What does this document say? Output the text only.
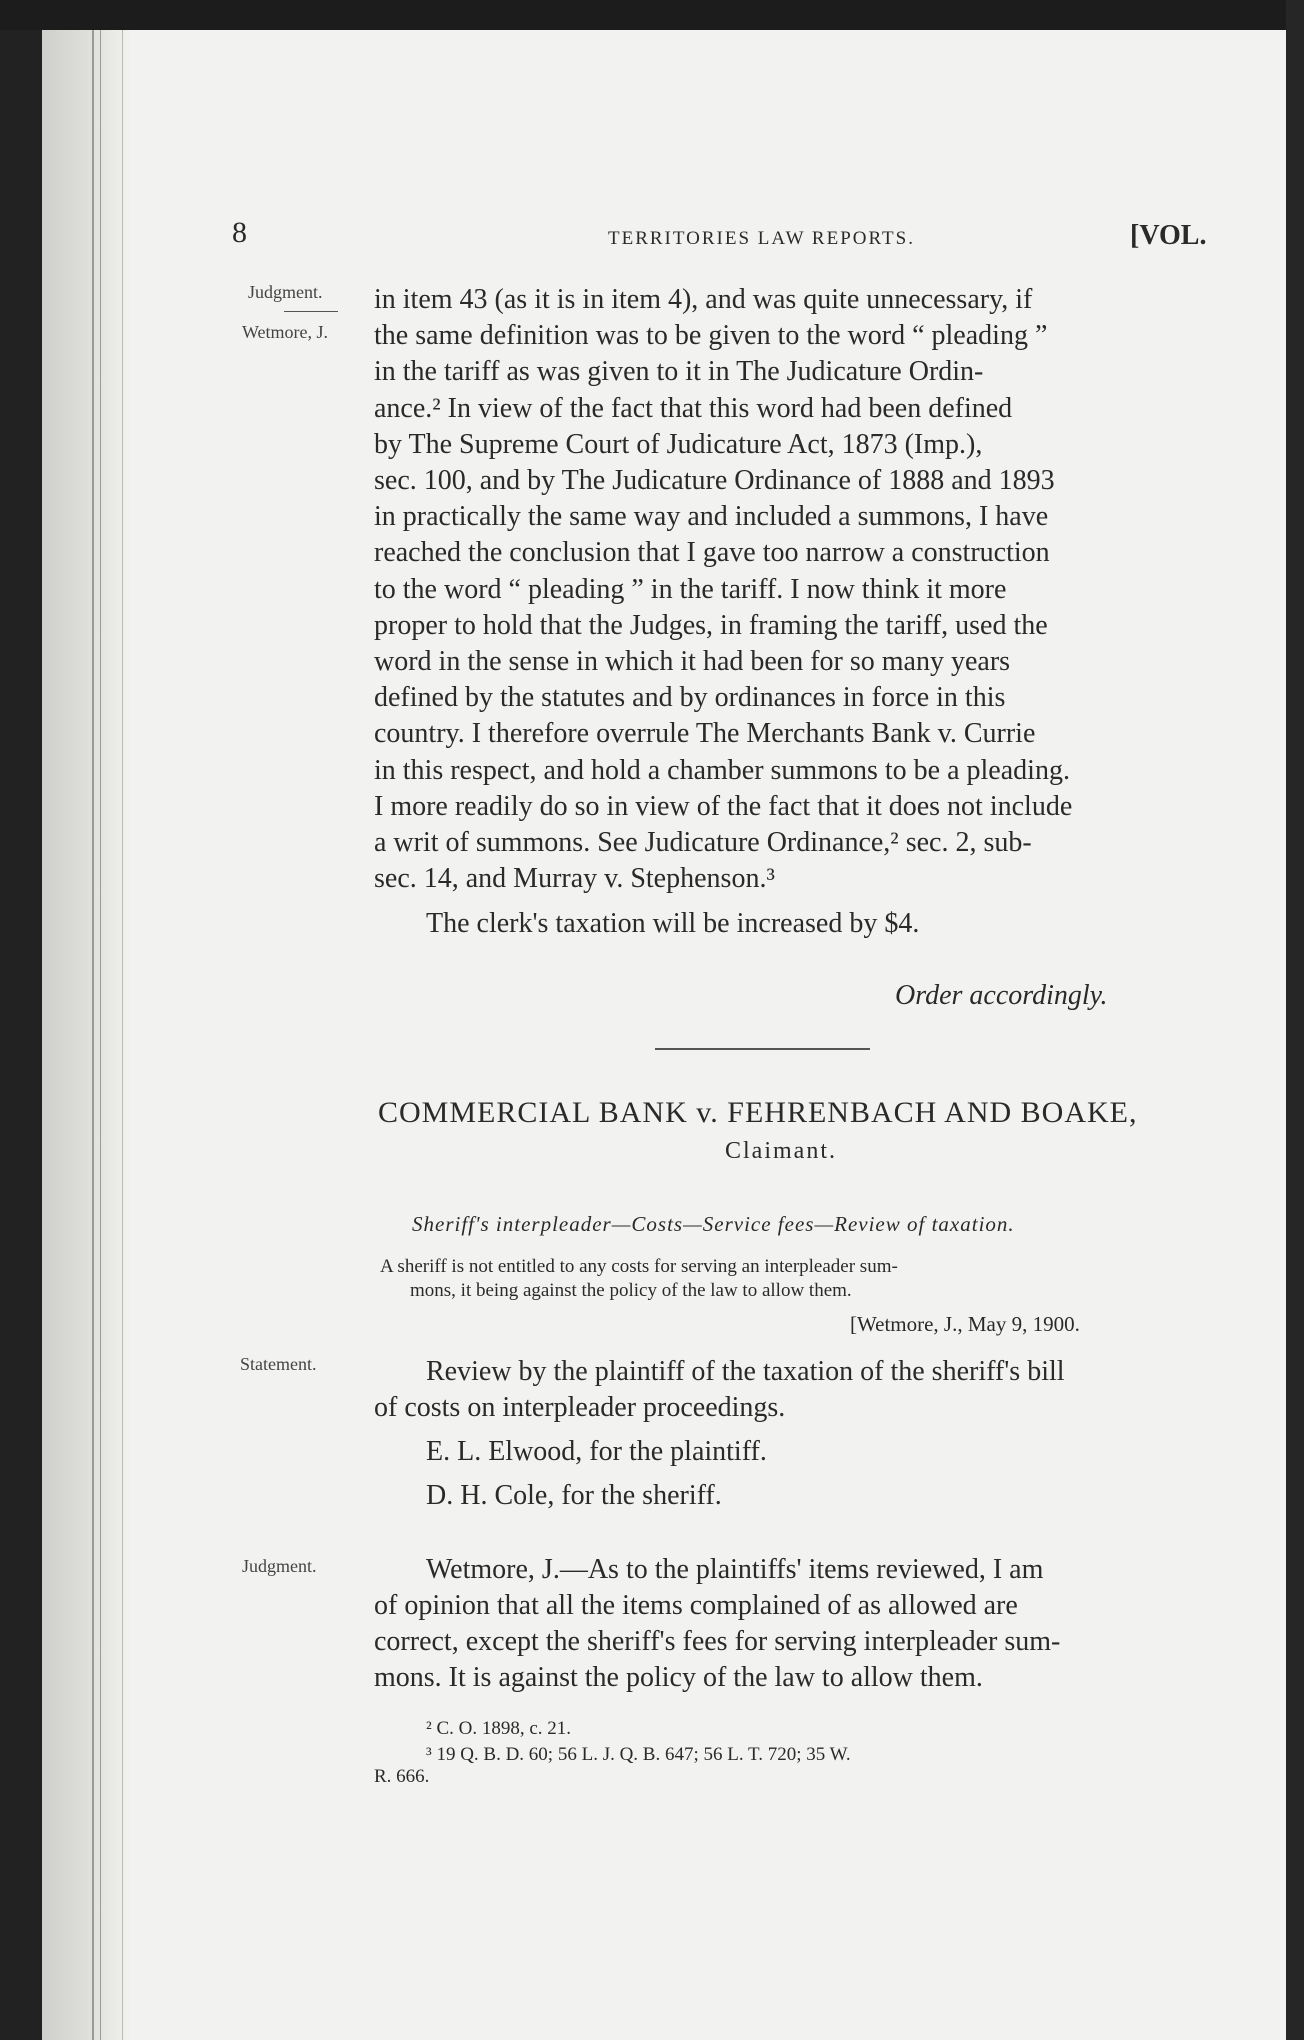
8	TERRITORIES LAW REPORTS.	[VOL.
Judgment.
Wetmore, J.
in item 43 (as it is in item 4), and was quite unnecessary, if
the same definition was to be given to the word “ pleading ”
in the tariff as was given to it in The Judicature Ordin-
ance.² In view of the fact that this word had been defined
by The Supreme Court of Judicature Act, 1873 (Imp.),
sec. 100, and by The Judicature Ordinance of 1888 and 1893
in practically the same way and included a summons, I have
reached the conclusion that I gave too narrow a construction
to the word “ pleading ” in the tariff. I now think it more
proper to hold that the Judges, in framing the tariff, used the
word in the sense in which it had been for so many years
defined by the statutes and by ordinances in force in this
country. I therefore overrule The Merchants Bank v. Currie
in this respect, and hold a chamber summons to be a pleading.
I more readily do so in view of the fact that it does not include
a writ of summons. See Judicature Ordinance,² sec. 2, sub-
sec. 14, and Murray v. Stephenson.³
The clerk's taxation will be increased by $4.
Order accordingly.
COMMERCIAL BANK v. FEHRENBACH AND BOAKE,
Claimant.
Sheriff's interpleader—Costs—Service fees—Review of taxation.
A sheriff is not entitled to any costs for serving an interpleader sum-
mons, it being against the policy of the law to allow them.
[Wetmore, J., May 9, 1900.
Statement.	Review by the plaintiff of the taxation of the sheriff's bill
of costs on interpleader proceedings.
E. L. Elwood, for the plaintiff.
D. H. Cole, for the sheriff.
Judgment.	Wetmore, J.—As to the plaintiffs' items reviewed, I am
of opinion that all the items complained of as allowed are
correct, except the sheriff's fees for serving interpleader sum-
mons. It is against the policy of the law to allow them.
² C. O. 1898, c. 21.
³ 19 Q. B. D. 60; 56 L. J. Q. B. 647; 56 L. T. 720; 35 W.
R. 666.
